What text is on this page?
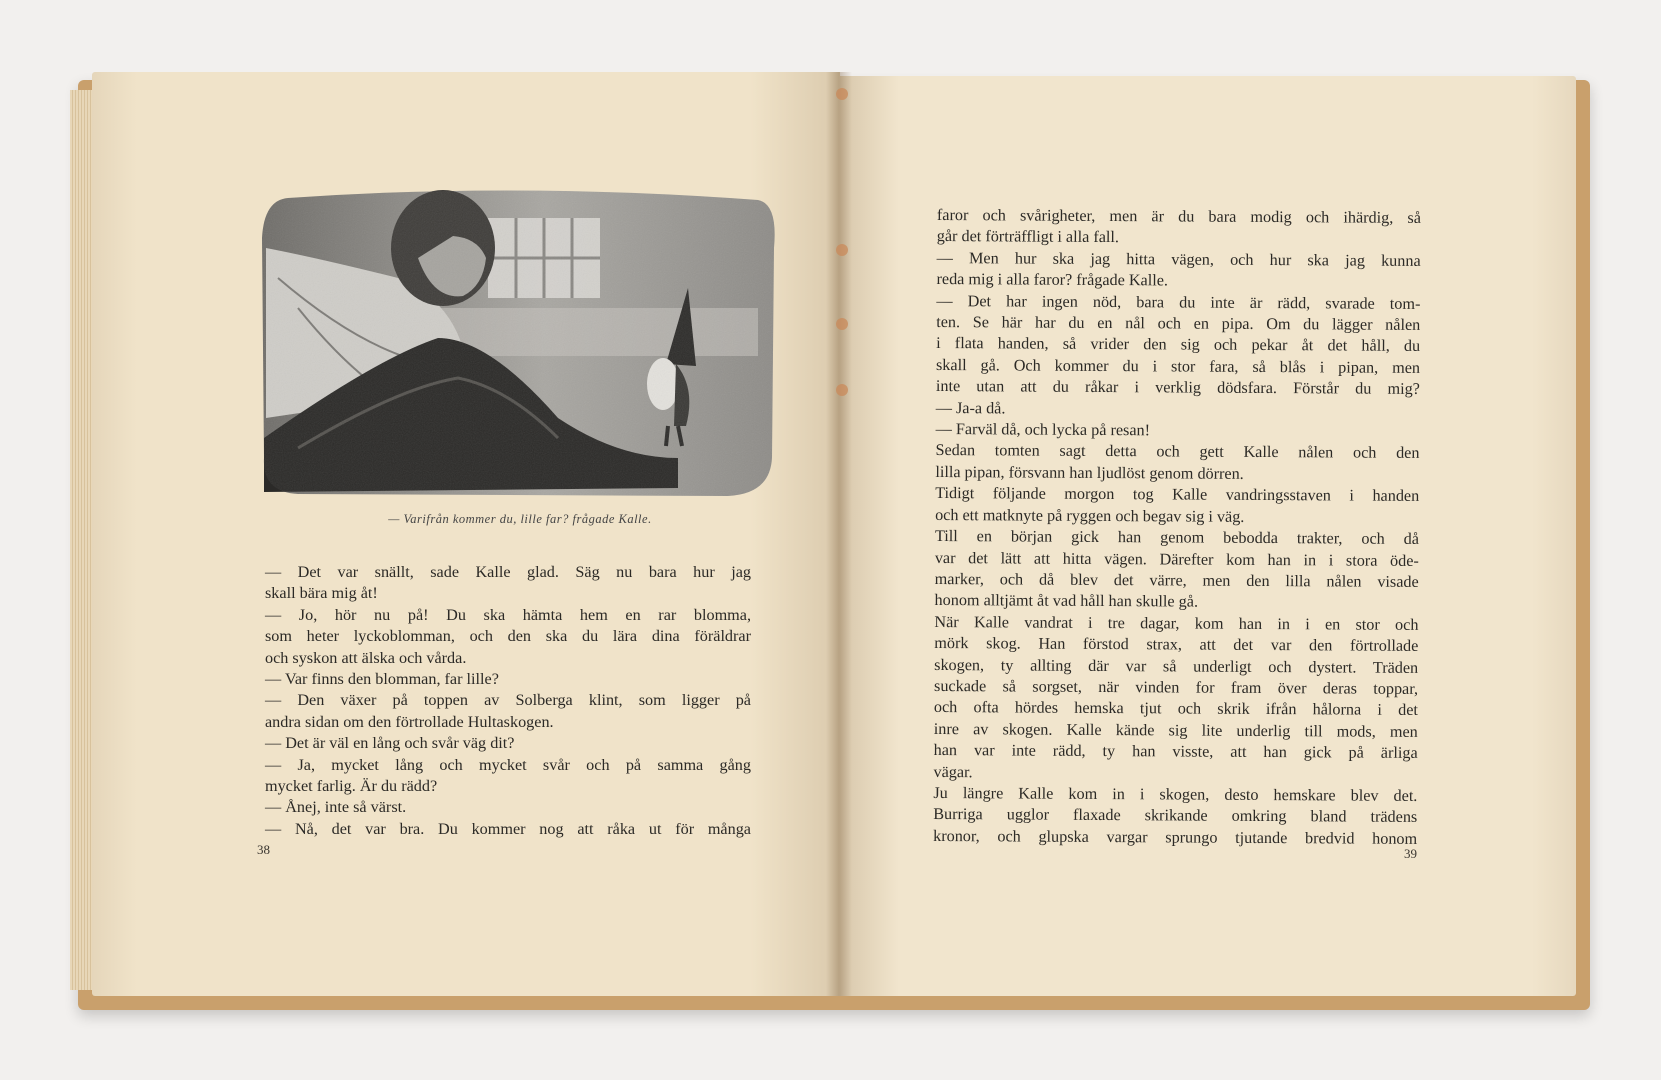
— Varifrån kommer du, lille far? frågade Kalle.
— Det var snällt, sade Kalle glad. Säg nu bara hur jag
skall bära mig åt!
— Jo, hör nu på! Du ska hämta hem en rar blomma,
som heter lyckoblomman, och den ska du lära dina föräldrar
och syskon att älska och vårda.
— Var finns den blomman, far lille?
— Den växer på toppen av Solberga klint, som ligger på
andra sidan om den förtrollade Hultaskogen.
— Det är väl en lång och svår väg dit?
— Ja, mycket lång och mycket svår och på samma gång
mycket farlig. Är du rädd?
— Ånej, inte så värst.
— Nå, det var bra. Du kommer nog att råka ut för många
38
faror och svårigheter, men är du bara modig och ihärdig, så
går det förträffligt i alla fall.
— Men hur ska jag hitta vägen, och hur ska jag kunna
reda mig i alla faror? frågade Kalle.
— Det har ingen nöd, bara du inte är rädd, svarade tom-
ten. Se här har du en nål och en pipa. Om du lägger nålen
i flata handen, så vrider den sig och pekar åt det håll, du
skall gå. Och kommer du i stor fara, så blås i pipan, men
inte utan att du råkar i verklig dödsfara. Förstår du mig?
— Ja-a då.
— Farväl då, och lycka på resan!
Sedan tomten sagt detta och gett Kalle nålen och den
lilla pipan, försvann han ljudlöst genom dörren.
Tidigt följande morgon tog Kalle vandringsstaven i handen
och ett matknyte på ryggen och begav sig i väg.
Till en början gick han genom bebodda trakter, och då
var det lätt att hitta vägen. Därefter kom han in i stora öde-
marker, och då blev det värre, men den lilla nålen visade
honom alltjämt åt vad håll han skulle gå.
När Kalle vandrat i tre dagar, kom han in i en stor och
mörk skog. Han förstod strax, att det var den förtrollade
skogen, ty allting där var så underligt och dystert. Träden
suckade så sorgset, när vinden for fram över deras toppar,
och ofta hördes hemska tjut och skrik ifrån hålorna i det
inre av skogen. Kalle kände sig lite underlig till mods, men
han var inte rädd, ty han visste, att han gick på ärliga
vägar.
Ju längre Kalle kom in i skogen, desto hemskare blev det.
Burriga ugglor flaxade skrikande omkring bland trädens
kronor, och glupska vargar sprungo tjutande bredvid honom
39
